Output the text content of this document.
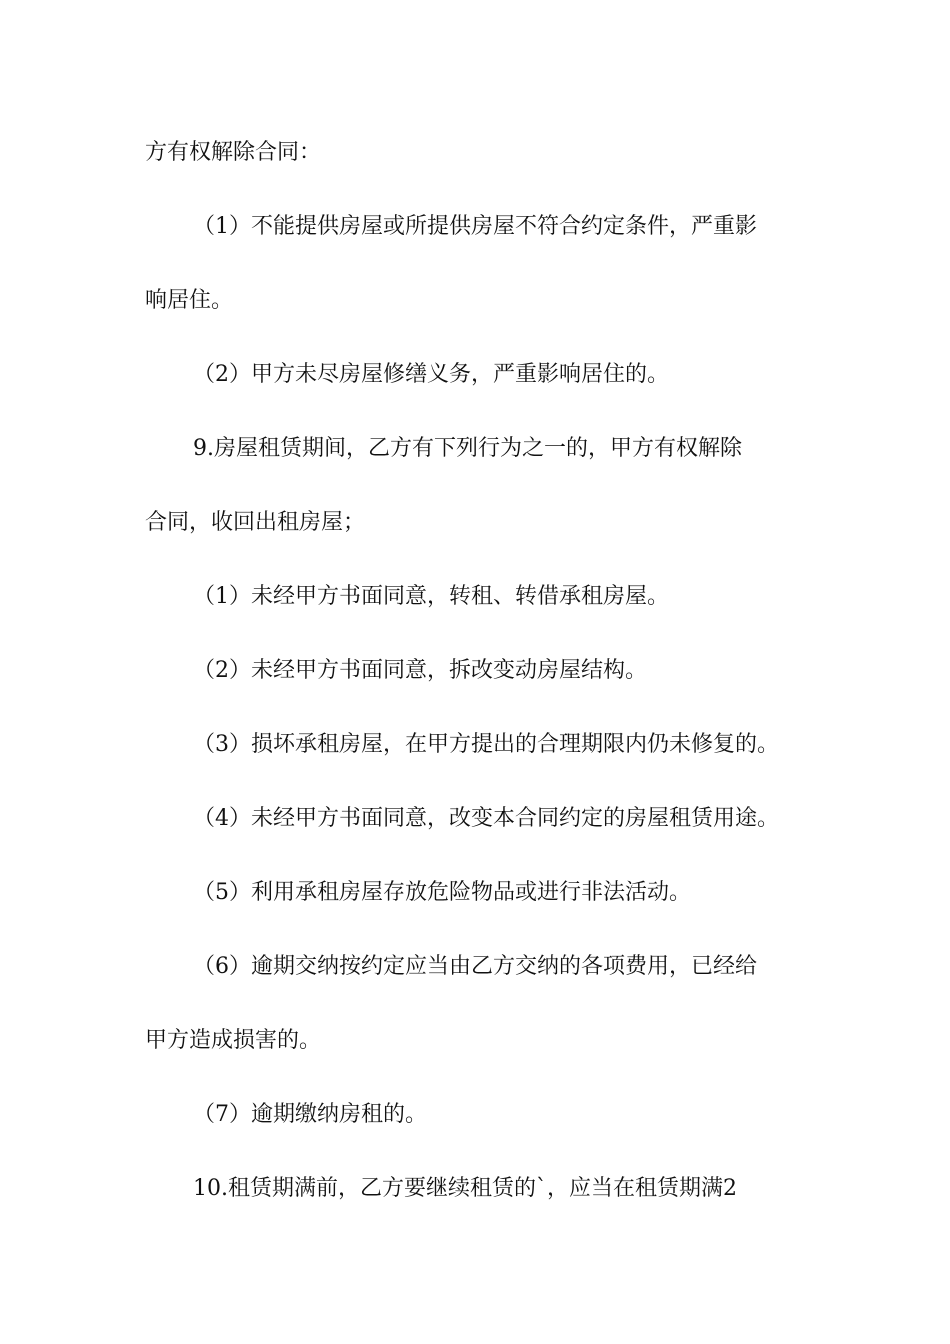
方有权解除合同：
（1）不能提供房屋或所提供房屋不符合约定条件，严重影
响居住。
（2）甲方未尽房屋修缮义务，严重影响居住的。
9.房屋租赁期间，乙方有下列行为之一的，甲方有权解除
合同，收回出租房屋；
（1）未经甲方书面同意，转租、转借承租房屋。
（2）未经甲方书面同意，拆改变动房屋结构。
（3）损坏承租房屋，在甲方提出的合理期限内仍未修复的。
（4）未经甲方书面同意，改变本合同约定的房屋租赁用途。
（5）利用承租房屋存放危险物品或进行非法活动。
（6）逾期交纳按约定应当由乙方交纳的各项费用，已经给
甲方造成损害的。
（7）逾期缴纳房租的。
10.租赁期满前，乙方要继续租赁的`，应当在租赁期满2
